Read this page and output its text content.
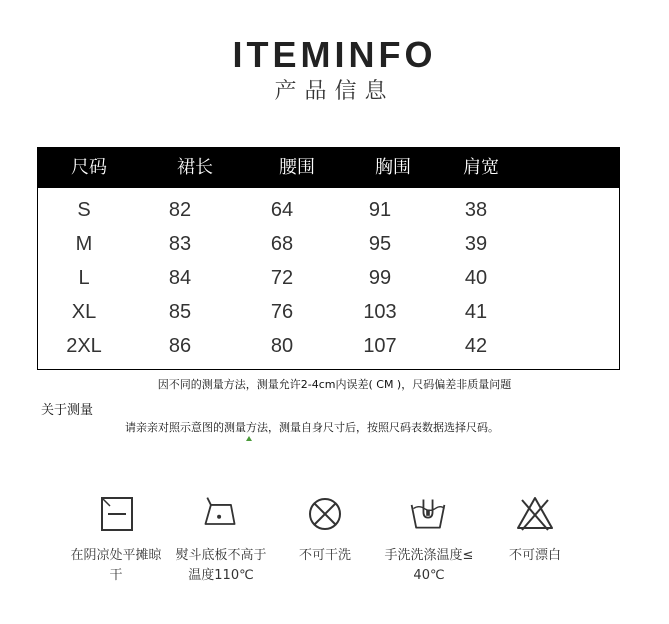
ITEMINFO
产品信息
尺码	裙长	腰围	胸围	肩宽
S	82	64	91	38
M	83	68	95	39
L	84	72	99	40
XL	85	76	103	41
2XL	86	80	107	42
因不同的测量方法，测量允许2-4cm内误差( CM )，尺码偏差非质量问题
关于测量
请亲亲对照示意图的测量方法，测量自身尺寸后，按照尺码表数据选择尺码。
在阴凉处平摊晾
干
熨斗底板不高于
温度110℃
不可干洗	手洗洗涤温度≤
40℃
不可漂白
